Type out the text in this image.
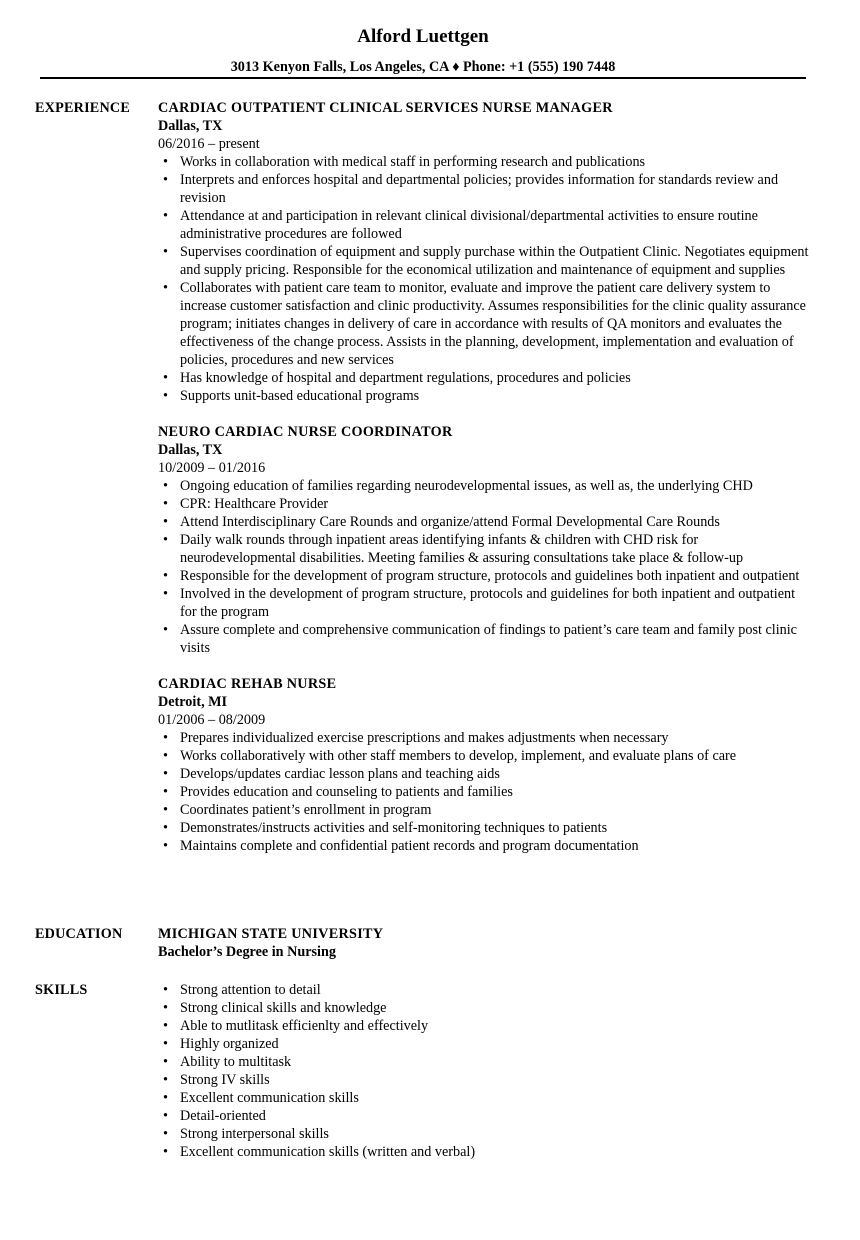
Alford Luettgen
3013 Kenyon Falls, Los Angeles, CA ♦ Phone: +1 (555) 190 7448
EXPERIENCE CARDIAC OUTPATIENT CLINICAL SERVICES NURSE MANAGER
Dallas, TX
06/2016 – present
• Works in collaboration with medical staff in performing research and publications
• Interprets and enforces hospital and departmental policies; provides information for standards review and revision
• Attendance at and participation in relevant clinical divisional/departmental activities to ensure routine administrative procedures are followed
• Supervises coordination of equipment and supply purchase within the Outpatient Clinic. Negotiates equipment and supply pricing. Responsible for the economical utilization and maintenance of equipment and supplies
• Collaborates with patient care team to monitor, evaluate and improve the patient care delivery system to increase customer satisfaction and clinic productivity. Assumes responsibilities for the clinic quality assurance program; initiates changes in delivery of care in accordance with results of QA monitors and evaluates the effectiveness of the change process. Assists in the planning, development, implementation and evaluation of policies, procedures and new services
• Has knowledge of hospital and department regulations, procedures and policies
• Supports unit-based educational programs
NEURO CARDIAC NURSE COORDINATOR
Dallas, TX
10/2009 – 01/2016
• Ongoing education of families regarding neurodevelopmental issues, as well as, the underlying CHD
• CPR: Healthcare Provider
• Attend Interdisciplinary Care Rounds and organize/attend Formal Developmental Care Rounds
• Daily walk rounds through inpatient areas identifying infants & children with CHD risk for neurodevelopmental disabilities. Meeting families & assuring consultations take place & follow-up
• Responsible for the development of program structure, protocols and guidelines both inpatient and outpatient
• Involved in the development of program structure, protocols and guidelines for both inpatient and outpatient for the program
• Assure complete and comprehensive communication of findings to patient’s care team and family post clinic visits
CARDIAC REHAB NURSE
Detroit, MI
01/2006 – 08/2009
• Prepares individualized exercise prescriptions and makes adjustments when necessary
• Works collaboratively with other staff members to develop, implement, and evaluate plans of care
• Develops/updates cardiac lesson plans and teaching aids
• Provides education and counseling to patients and families
• Coordinates patient’s enrollment in program
• Demonstrates/instructs activities and self-monitoring techniques to patients
• Maintains complete and confidential patient records and program documentation
EDUCATION	MICHIGAN STATE UNIVERSITY
Bachelor’s Degree in Nursing
SKILLS
•	Strong attention to detail
• Strong clinical skills and knowledge
• Able to mutlitask efficienlty and effectively
• Highly organized
• Ability to multitask
• Strong IV skills
• Excellent communication skills
• Detail-oriented
• Strong interpersonal skills
• Excellent communication skills (written and verbal)
